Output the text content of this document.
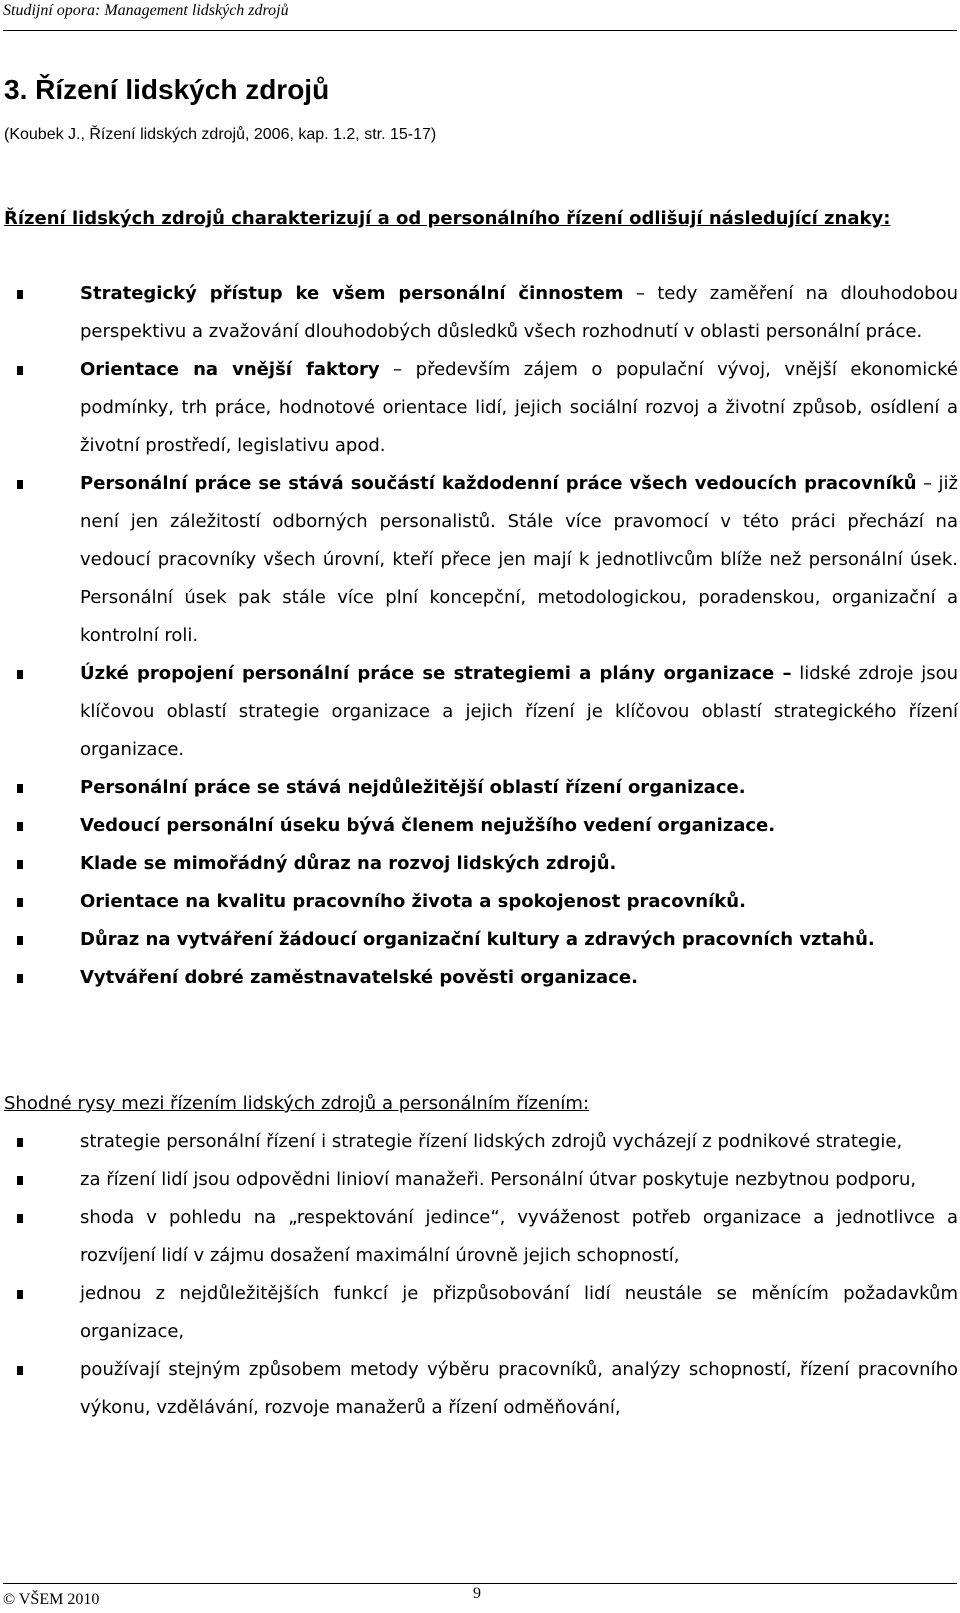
Studijní opora: Management lidských zdrojů
3. Řízení lidských zdrojů
(Koubek J., Řízení lidských zdrojů, 2006, kap. 1.2, str. 15-17)

Řízení lidských zdrojů charakterizují a od personálního řízení odlišují následující znaky:

Strategický přístup ke všem personální činnostem – tedy zaměření na dlouhodobou perspektivu a zvažování dlouhodobých důsledků všech rozhodnutí v oblasti personální práce.
Orientace na vnější faktory – především zájem o populační vývoj, vnější ekonomické podmínky, trh práce, hodnotové orientace lidí, jejich sociální rozvoj a životní způsob, osídlení a životní prostředí, legislativu apod.
Personální práce se stává součástí každodenní práce všech vedoucích pracovníků – již není jen záležitostí odborných personalistů. Stále více pravomocí v této práci přechází na vedoucí pracovníky všech úrovní, kteří přece jen mají k jednotlivcům blíže než personální úsek. Personální úsek pak stále více plní koncepční, metodologickou, poradenskou, organizační a kontrolní roli.
Úzké propojení personální práce se strategiemi a plány organizace – lidské zdroje jsou klíčovou oblastí strategie organizace a jejich řízení je klíčovou oblastí strategického řízení organizace.
Personální práce se stává nejdůležitější oblastí řízení organizace.
Vedoucí personální úseku bývá členem nejužšího vedení organizace.
Klade se mimořádný důraz na rozvoj lidských zdrojů.
Orientace na kvalitu pracovního života a spokojenost pracovníků.
Důraz na vytváření žádoucí organizační kultury a zdravých pracovních vztahů.
Vytváření dobré zaměstnavatelské pověsti organizace.
Shodné rysy mezi řízením lidských zdrojů a personálním řízením:
strategie personální řízení i strategie řízení lidských zdrojů vycházejí z podnikové strategie,
za řízení lidí jsou odpovědni linioví manažeři. Personální útvar poskytuje nezbytnou podporu,
shoda v pohledu na „respektování jedince“, vyváženost potřeb organizace a jednotlivce a rozvíjení lidí v zájmu dosažení maximální úrovně jejich schopností,
jednou z nejdůležitějších funkcí je přizpůsobování lidí neustále se měnícím požadavkům organizace,
používají stejným způsobem metody výběru pracovníků, analýzy schopností, řízení pracovního výkonu, vzdělávání, rozvoje manažerů a řízení odměňování,
© VŠEM 2010	9
